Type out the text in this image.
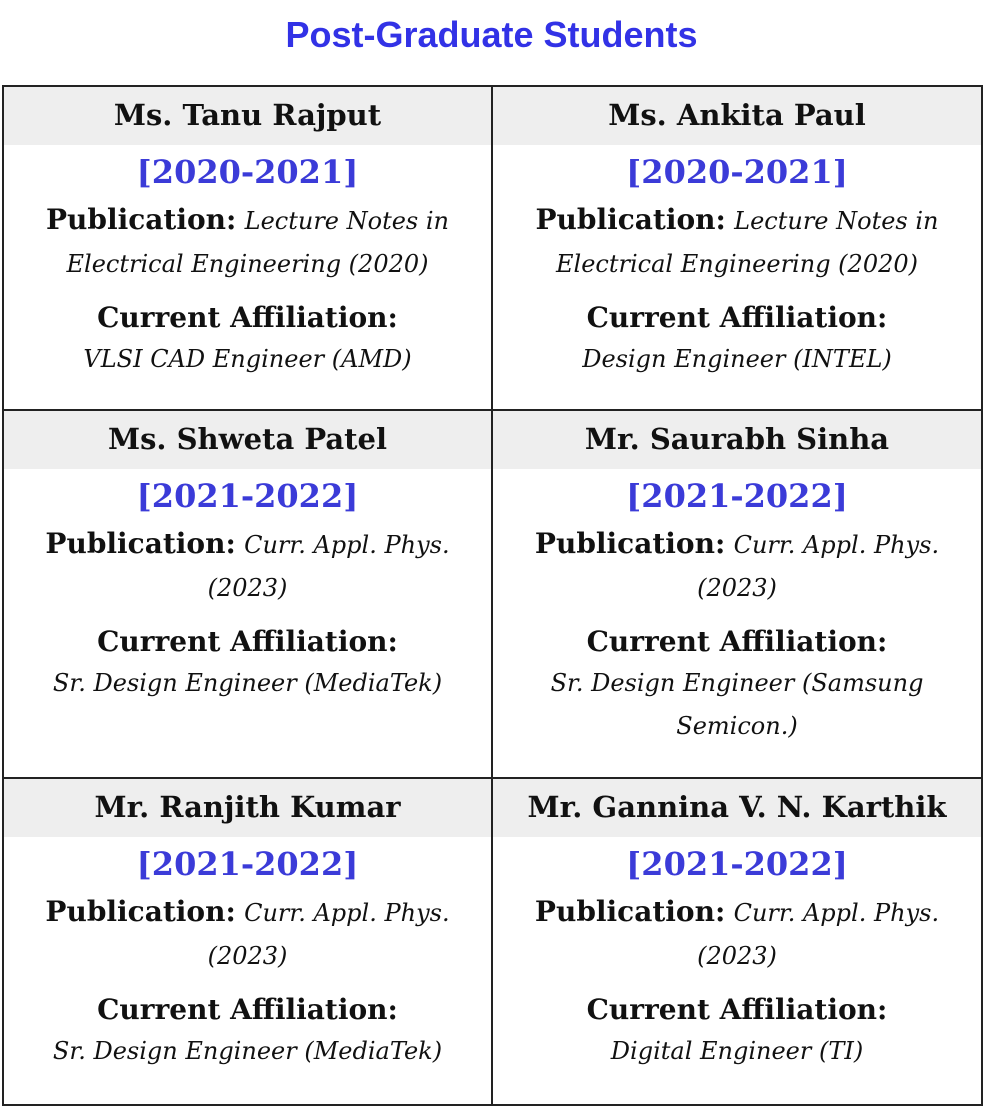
Post-Graduate Students
Ms. Tanu Rajput
[2020-2021]
Publication: Lecture Notes in Electrical Engineering (2020)
Current Affiliation:
VLSI CAD Engineer (AMD)
Ms. Ankita Paul
[2020-2021]
Publication: Lecture Notes in Electrical Engineering (2020)
Current Affiliation:
Design Engineer (INTEL)
Ms. Shweta Patel
[2021-2022]
Publication: Curr. Appl. Phys. (2023)
Current Affiliation:
Sr. Design Engineer (MediaTek)
Mr. Saurabh Sinha
[2021-2022]
Publication: Curr. Appl. Phys. (2023)
Current Affiliation:
Sr. Design Engineer (Samsung Semicon.)
Mr. Ranjith Kumar
[2021-2022]
Publication: Curr. Appl. Phys. (2023)
Current Affiliation:
Sr. Design Engineer (MediaTek)
Mr. Gannina V. N. Karthik
[2021-2022]
Publication: Curr. Appl. Phys. (2023)
Current Affiliation:
Digital Engineer (TI)
